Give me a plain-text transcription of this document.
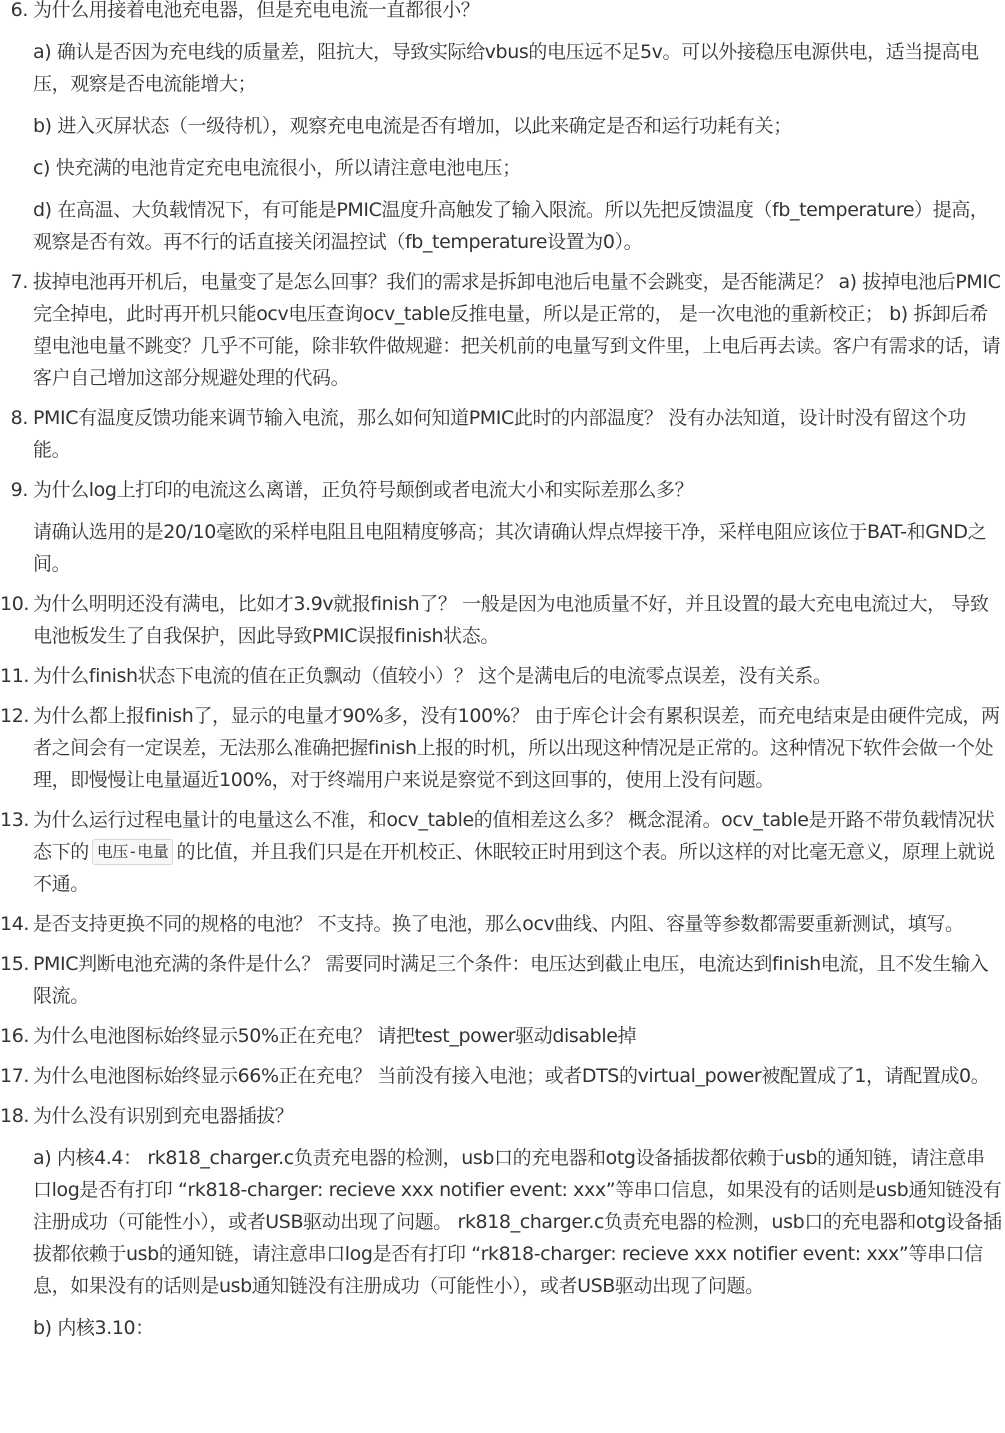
6. 为什么用接着电池充电器，但是充电电流一直都很小？

a) 确认是否因为充电线的质量差，阻抗大，导致实际给vbus的电压远不足5v。可以外接稳压电源供电，适当提高电压，观察是否电流能增大；

b) 进入灭屏状态（一级待机），观察充电电流是否有增加，以此来确定是否和运行功耗有关；

c) 快充满的电池肯定充电电流很小，所以请注意电池电压；

d) 在高温、大负载情况下，有可能是PMIC温度升高触发了输入限流。所以先把反馈温度（fb_temperature）提高，观察是否有效。再不行的话直接关闭温控试（fb_temperature设置为0）。

7. 拔掉电池再开机后，电量变了是怎么回事？我们的需求是拆卸电池后电量不会跳变，是否能满足？ a) 拔掉电池后PMIC完全掉电，此时再开机只能ocv电压查询ocv_table反推电量，所以是正常的， 是一次电池的重新校正； b) 拆卸后希望电池电量不跳变？几乎不可能，除非软件做规避：把关机前的电量写到文件里，上电后再去读。客户有需求的话，请客户自己增加这部分规避处理的代码。

8. PMIC有温度反馈功能来调节输入电流，那么如何知道PMIC此时的内部温度？ 没有办法知道，设计时没有留这个功能。

9. 为什么log上打印的电流这么离谱，正负符号颠倒或者电流大小和实际差那么多？

请确认选用的是20/10毫欧的采样电阻且电阻精度够高；其次请确认焊点焊接干净，采样电阻应该位于BAT-和GND之间。

10. 为什么明明还没有满电，比如才3.9v就报finish了？ 一般是因为电池质量不好，并且设置的最大充电电流过大， 导致电池板发生了自我保护，因此导致PMIC误报finish状态。

11. 为什么finish状态下电流的值在正负飘动（值较小）？ 这个是满电后的电流零点误差，没有关系。

12. 为什么都上报finish了，显示的电量才90%多，没有100%？ 由于库仑计会有累积误差，而充电结束是由硬件完成，两者之间会有一定误差，无法那么准确把握finish上报的时机，所以出现这种情况是正常的。这种情况下软件会做一个处理，即慢慢让电量逼近100%，对于终端用户来说是察觉不到这回事的，使用上没有问题。

13. 为什么运行过程电量计的电量这么不准，和ocv_table的值相差这么多？ 概念混淆。ocv_table是开路不带负载情况状态下的 电压-电量 的比值，并且我们只是在开机校正、休眠较正时用到这个表。所以这样的对比毫无意义，原理上就说不通。

14. 是否支持更换不同的规格的电池？ 不支持。换了电池，那么ocv曲线、内阻、容量等参数都需要重新测试，填写。

15. PMIC判断电池充满的条件是什么？ 需要同时满足三个条件：电压达到截止电压，电流达到finish电流，且不发生输入限流。

16. 为什么电池图标始终显示50%正在充电？ 请把test_power驱动disable掉

17. 为什么电池图标始终显示66%正在充电？ 当前没有接入电池；或者DTS的virtual_power被配置成了1，请配置成0。

18. 为什么没有识别到充电器插拔？

a) 内核4.4： rk818_charger.c负责充电器的检测，usb口的充电器和otg设备插拔都依赖于usb的通知链，请注意串口log是否有打印 “rk818-charger: recieve xxx notifier event: xxx”等串口信息，如果没有的话则是usb通知链没有注册成功（可能性小），或者USB驱动出现了问题。 rk818_charger.c负责充电器的检测，usb口的充电器和otg设备插拔都依赖于usb的通知链，请注意串口log是否有打印 “rk818-charger: recieve xxx notifier event: xxx”等串口信息，如果没有的话则是usb通知链没有注册成功（可能性小），或者USB驱动出现了问题。

b) 内核3.10：
